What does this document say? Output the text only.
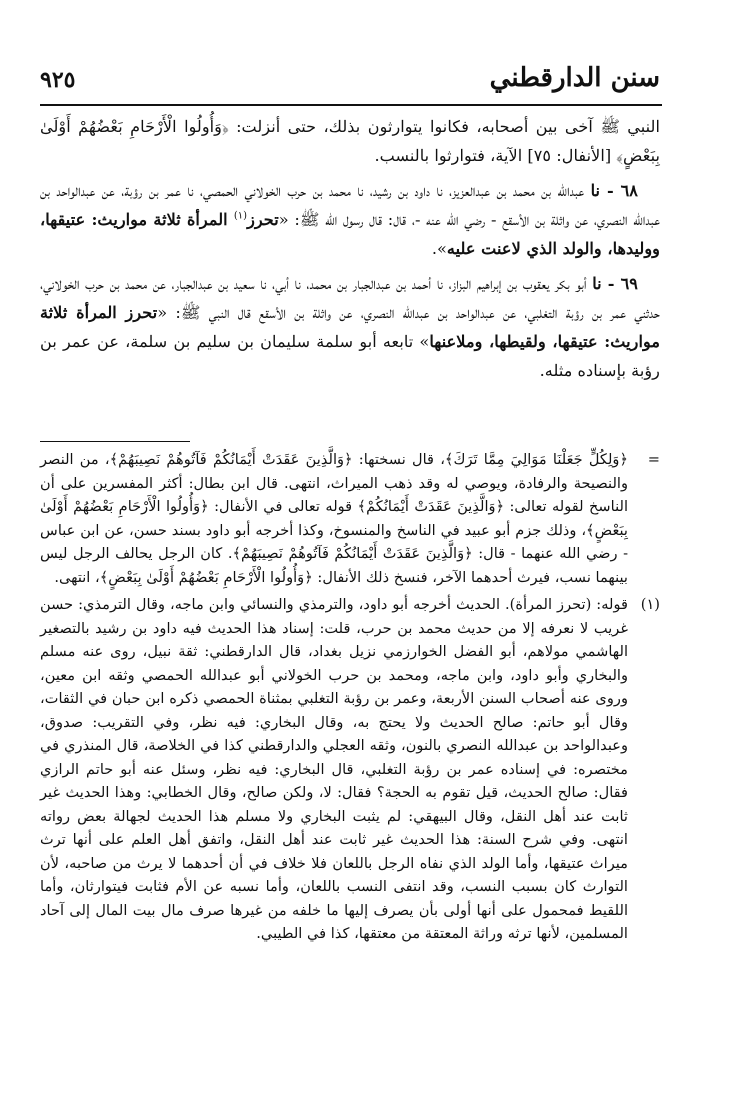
سنن الدارقطني
٩٢٥

النبي ﷺ آخى بين أصحابه، فكانوا يتوارثون بذلك، حتى أنزلت: ﴿وَأُولُوا الْأَرْحَامِ بَعْضُهُمْ أَوْلَىٰ بِبَعْضٍ﴾ [الأنفال: ٧٥] الآية، فتوارثوا بالنسب.

٦٨ - نا عبدالله بن محمد بن عبدالعزيز، نا داود بن رشيد، نا محمد بن حرب الخولاني الحمصي، نا عمر بن رؤبة، عن عبدالواحد بن عبدالله النصري، عن واثلة بن الأسقع - رضي الله عنه -، قال: قال رسول الله ﷺ: «تحرز$^{(١)}$ المرأة ثلاثة مواريث: عتيقها، ووليدها، والولد الذي لاعنت عليه».

٦٩ - نا أبو بكر يعقوب بن إبراهيم البزاز، نا أحمد بن عبدالجبار بن محمد، نا أبي، نا سعيد بن عبدالجبار، عن محمد بن حرب الخولاني، حدثني عمر بن رؤبة التغلبي، عن عبدالواحد بن عبدالله النصري، عن واثلة بن الأسقع قال النبي ﷺ: «تحرز المرأة ثلاثة مواريث: عتيقها، ولقيطها، وملاعنها» تابعه أبو سلمة سليمان بن سليم بن سلمة، عن عمر بن رؤبة بإسناده مثله.

=

﴿وَلِكُلٍّ جَعَلْنَا مَوَالِيَ مِمَّا تَرَكَ﴾، قال نسختها: ﴿وَالَّذِينَ عَقَدَتْ أَيْمَانُكُمْ فَآتُوهُمْ نَصِيبَهُمْ﴾، من النصر والنصيحة والرفادة، ويوصي له وقد ذهب الميراث، انتهى. قال ابن بطال: أكثر المفسرين على أن الناسخ لقوله تعالى: ﴿وَالَّذِينَ عَقَدَتْ أَيْمَانُكُمْ﴾ قوله تعالى في الأنفال: ﴿وَأُولُوا الْأَرْحَامِ بَعْضُهُمْ أَوْلَىٰ بِبَعْضٍ﴾، وذلك جزم أبو عبيد في الناسخ والمنسوخ، وكذا أخرجه أبو داود بسند حسن، عن ابن عباس - رضي الله عنهما - قال: ﴿وَالَّذِينَ عَقَدَتْ أَيْمَانُكُمْ فَآتُوهُمْ نَصِيبَهُمْ﴾. كان الرجل يحالف الرجل ليس بينهما نسب، فيرث أحدهما الآخر، فنسخ ذلك الأنفال: ﴿وَأُولُوا الْأَرْحَامِ بَعْضُهُمْ أَوْلَىٰ بِبَعْضٍ﴾، انتهى.

(١)

قوله: (تحرز المرأة). الحديث أخرجه أبو داود، والترمذي والنسائي وابن ماجه، وقال الترمذي: حسن غريب لا نعرفه إلا من حديث محمد بن حرب، قلت: إسناد هذا الحديث فيه داود بن رشيد بالتصغير الهاشمي مولاهم، أبو الفضل الخوارزمي نزيل بغداد، قال الدارقطني: ثقة نبيل، روى عنه مسلم والبخاري وأبو داود، وابن ماجه، ومحمد بن حرب الخولاني أبو عبدالله الحمصي وثقه ابن معين، وروى عنه أصحاب السنن الأربعة، وعمر بن رؤبة التغلبي بمثناة الحمصي ذكره ابن حبان في الثقات، وقال أبو حاتم: صالح الحديث ولا يحتج به، وقال البخاري: فيه نظر، وفي التقريب: صدوق، وعبدالواحد بن عبدالله النصري بالنون، وثقه العجلي والدارقطني كذا في الخلاصة، قال المنذري في مختصره: في إسناده عمر بن رؤبة التغلبي، قال البخاري: فيه نظر، وسئل عنه أبو حاتم الرازي فقال: صالح الحديث، قيل تقوم به الحجة؟ فقال: لا، ولكن صالح، وقال الخطابي: وهذا الحديث غير ثابت عند أهل النقل، وقال البيهقي: لم يثبت البخاري ولا مسلم هذا الحديث لجهالة بعض رواته انتهى. وفي شرح السنة: هذا الحديث غير ثابت عند أهل النقل، واتفق أهل العلم على أنها ترث ميراث عتيقها، وأما الولد الذي نفاه الرجل باللعان فلا خلاف في أن أحدهما لا يرث من صاحبه، لأن التوارث كان بسبب النسب، وقد انتفى النسب باللعان، وأما نسبه عن الأم فثابت فيتوارثان، وأما اللقيط فمحمول على أنها أولى بأن يصرف إليها ما خلفه من غيرها صرف مال بيت المال إلى آحاد المسلمين، لأنها ترثه وراثة المعتقة من معتقها، كذا في الطيبي.
